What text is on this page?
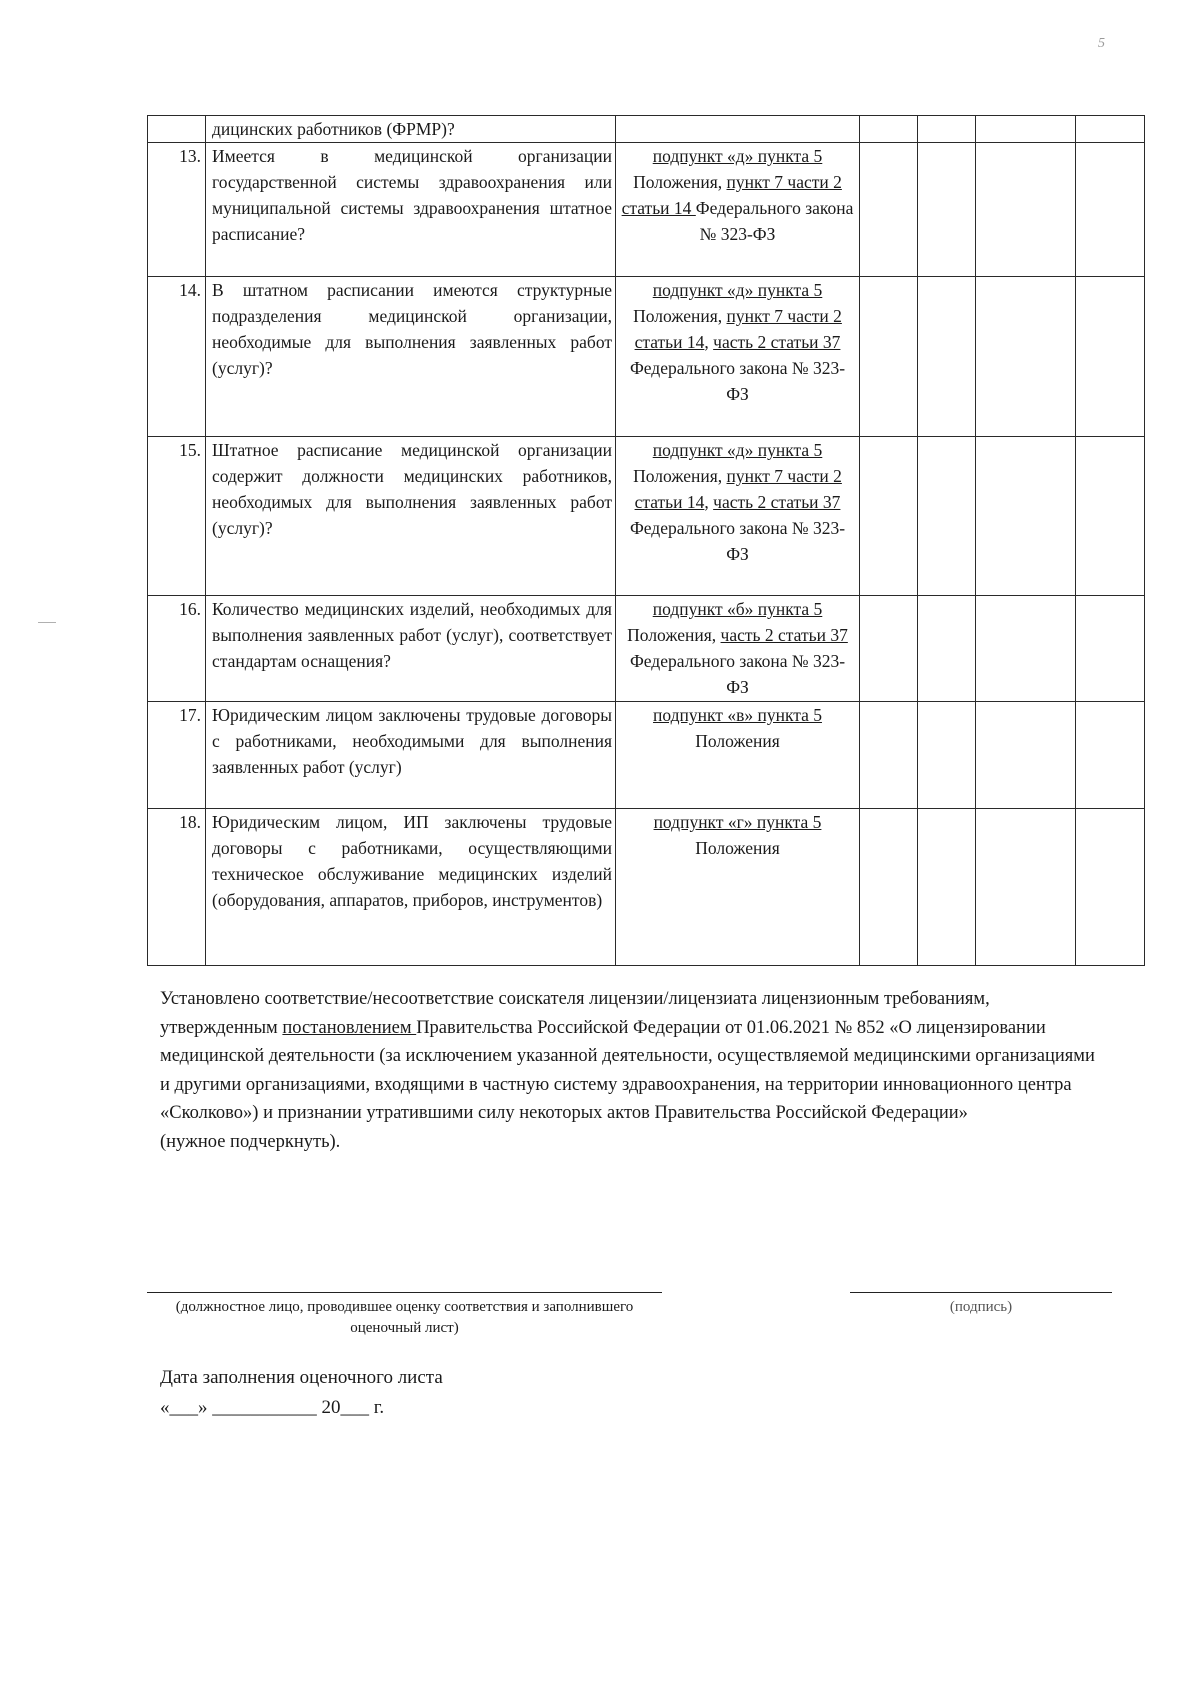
5
	дицинских работников (ФРМР)?					
13.	Имеется в медицинской организации государственной системы здравоохранения или муниципальной системы здравоохранения штатное расписание?	подпункт «д» пункта 5 Положения, пункт 7 части 2 статьи 14 Федерального закона № 323-ФЗ				
14.	В штатном расписании имеются структурные подразделения медицинской организации, необходимые для выполнения заявленных работ (услуг)?	подпункт «д» пункта 5 Положения, пункт 7 части 2 статьи 14, часть 2 статьи 37 Федерального закона № 323-ФЗ				
15.	Штатное расписание медицинской организации содержит должности медицинских работников, необходимых для выполнения заявленных работ (услуг)?	подпункт «д» пункта 5 Положения, пункт 7 части 2 статьи 14, часть 2 статьи 37 Федерального закона № 323-ФЗ				
16.	Количество медицинских изделий, необходимых для выполнения заявленных работ (услуг), соответствует стандартам оснащения?	подпункт «б» пункта 5 Положения, часть 2 статьи 37 Федерального закона № 323-ФЗ				
17.	Юридическим лицом заключены трудовые договоры с работниками, необходимыми для выполнения заявленных работ (услуг)	подпункт «в» пункта 5 Положения				
18.	Юридическим лицом, ИП заключены трудовые договоры с работниками, осуществляющими техническое обслуживание медицинских изделий (оборудования, аппаратов, приборов, инструментов)	подпункт «г» пункта 5 Положения				

Установлено соответствие/несоответствие соискателя лицензии/лицензиата лицензионным требованиям, утвержденным постановлением Правительства Российской Федерации от 01.06.2021 № 852 «О лицензировании медицинской деятельности (за исключением указанной деятельности, осуществляемой медицинскими организациями и другими организациями, входящими в частную систему здравоохранения, на территории инновационного центра «Сколково») и признании утратившими силу некоторых актов Правительства Российской Федерации»

(нужное подчеркнуть).

(должностное лицо, проводившее оценку соответствия и заполнившего оценочный лист)
(подпись)
Дата заполнения оценочного листа
«___» ___________ 20___ г.
